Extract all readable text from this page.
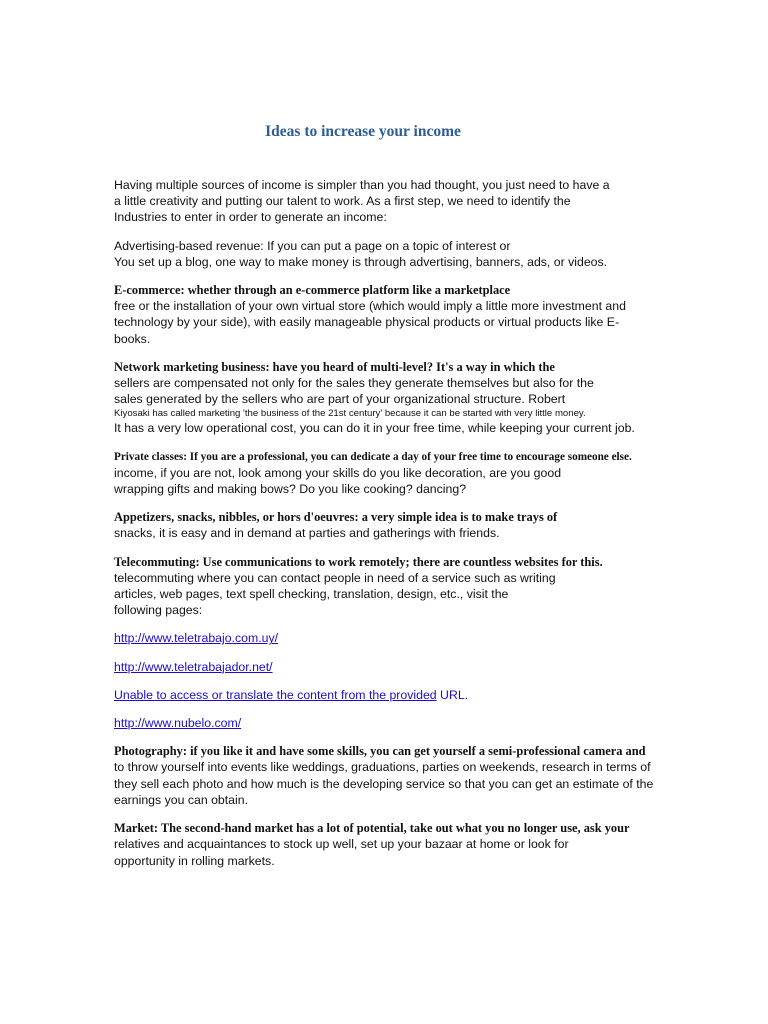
Ideas to increase your income

Having multiple sources of income is simpler than you had thought, you just need to have a
a little creativity and putting our talent to work. As a first step, we need to identify the
Industries to enter in order to generate an income:

Advertising-based revenue: If you can put a page on a topic of interest or
You set up a blog, one way to make money is through advertising, banners, ads, or videos.

E-commerce: whether through an e-commerce platform like a marketplace
free or the installation of your own virtual store (which would imply a little more investment and
technology by your side), with easily manageable physical products or virtual products like E-
books.

Network marketing business: have you heard of multi-level? It's a way in which the
sellers are compensated not only for the sales they generate themselves but also for the
sales generated by the sellers who are part of your organizational structure. Robert
Kiyosaki has called marketing 'the business of the 21st century' because it can be started with very little money.
It has a very low operational cost, you can do it in your free time, while keeping your current job.

Private classes: If you are a professional, you can dedicate a day of your free time to encourage someone else.
income, if you are not, look among your skills do you like decoration, are you good
wrapping gifts and making bows? Do you like cooking? dancing?

Appetizers, snacks, nibbles, or hors d'oeuvres: a very simple idea is to make trays of
snacks, it is easy and in demand at parties and gatherings with friends.

Telecommuting: Use communications to work remotely; there are countless websites for this.
telecommuting where you can contact people in need of a service such as writing
articles, web pages, text spell checking, translation, design, etc., visit the
following pages:

http://www.teletrabajo.com.uy/

http://www.teletrabajador.net/

Unable to access or translate the content from the provided URL.

http://www.nubelo.com/

Photography: if you like it and have some skills, you can get yourself a semi-professional camera and
to throw yourself into events like weddings, graduations, parties on weekends, research in terms of
they sell each photo and how much is the developing service so that you can get an estimate of the
earnings you can obtain.

Market: The second-hand market has a lot of potential, take out what you no longer use, ask your
relatives and acquaintances to stock up well, set up your bazaar at home or look for
opportunity in rolling markets.
